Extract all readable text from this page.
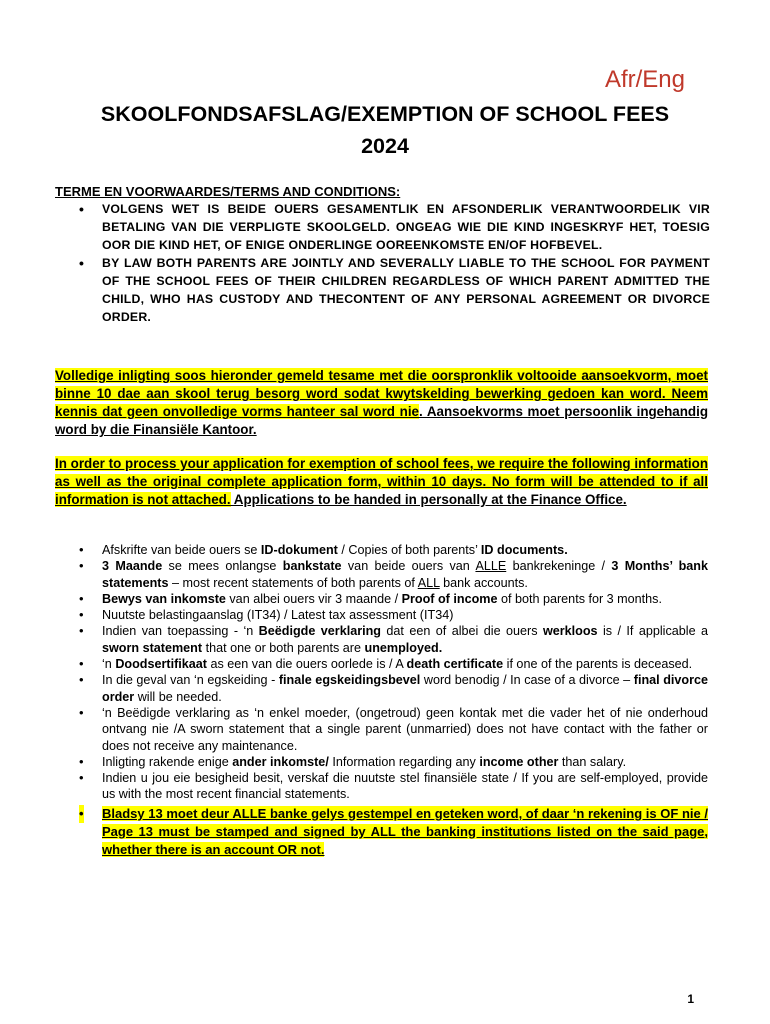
Afr/Eng
SKOOLFONDSAFSLAG/EXEMPTION OF SCHOOL FEES
2024
TERME EN VOORWAARDES/TERMS AND CONDITIONS:
• VOLGENS WET IS BEIDE OUERS GESAMENTLIK EN AFSONDERLIK VERANTWOORDELIK VIR BETALING VAN DIE VERPLIGTE SKOOLGELD. ONGEAG WIE DIE KIND INGESKRYF HET, TOESIG OOR DIE KIND HET, OF ENIGE ONDERLINGE OOREENKOMSTE EN/OF HOFBEVEL.
• BY LAW BOTH PARENTS ARE JOINTLY AND SEVERALLY LIABLE TO THE SCHOOL FOR PAYMENT OF THE SCHOOL FEES OF THEIR CHILDREN REGARDLESS OF WHICH PARENT ADMITTED THE CHILD, WHO HAS CUSTODY AND THECONTENT OF ANY PERSONAL AGREEMENT OR DIVORCE ORDER.
Volledige inligting soos hieronder gemeld tesame met die oorspronklik voltooide aansoekvorm, moet binne 10 dae aan skool terug besorg word sodat kwytskelding bewerking gedoen kan word. Neem kennis dat geen onvolledige vorms hanteer sal word nie. Aansoekvorms moet persoonlik ingehandig word by die Finansiële Kantoor.
In order to process your application for exemption of school fees, we require the following information as well as the original complete application form, within 10 days. No form will be attended to if all information is not attached. Applications to be handed in personally at the Finance Office.
• Afskrifte van beide ouers se ID-dokument / Copies of both parents’ ID documents.
• 3 Maande se mees onlangse bankstate van beide ouers van ALLE bankrekeninge / 3 Months’ bank statements – most recent statements of both parents of ALL bank accounts.
• Bewys van inkomste van albei ouers vir 3 maande / Proof of income of both parents for 3 months.
• Nuutste belastingaanslag (IT34) / Latest tax assessment (IT34)
• Indien van toepassing - ‘n Beëdigde verklaring dat een of albei die ouers werkloos is / If applicable a sworn statement that one or both parents are unemployed.
• ‘n Doodsertifikaat as een van die ouers oorlede is / A death certificate if one of the parents is deceased.
• In die geval van ‘n egskeiding - finale egskeidingsbevel word benodig / In case of a divorce – final divorce order will be needed.
• ‘n Beëdigde verklaring as ‘n enkel moeder, (ongetroud) geen kontak met die vader het of nie onderhoud ontvang nie /A sworn statement that a single parent (unmarried) does not have contact with the father or does not receive any maintenance.
• Inligting rakende enige ander inkomste/ Information regarding any income other than salary.
• Indien u jou eie besigheid besit, verskaf die nuutste stel finansiële state / If you are self-employed, provide us with the most recent financial statements.
• Bladsy 13 moet deur ALLE banke gelys gestempel en geteken word, of daar ‘n rekening is OF nie / Page 13 must be stamped and signed by ALL the banking institutions listed on the said page, whether there is an account OR not.
1
